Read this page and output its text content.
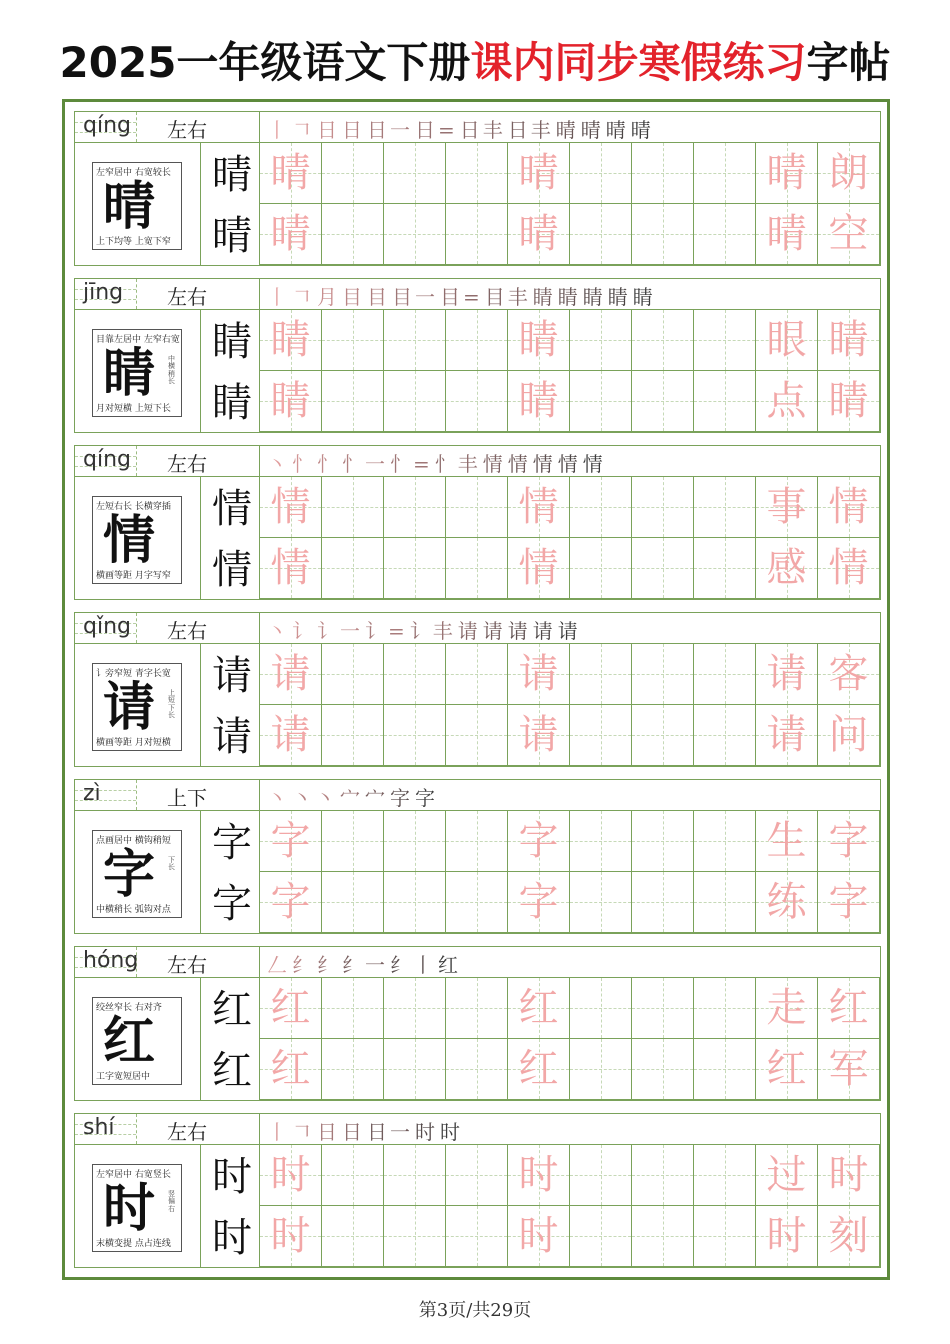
2025一年级语文下册课内同步寒假练习字帖
qíng 左右	丨 𠃍 日 日 日一 日= 日丰 日丰 晴 晴 晴 晴
左窄居中 右宽较长
晴
上下均等 上宽下窄
晴
晴
晴	晴	晴 朗
晴	晴	晴 空
jīng 左右	丨 𠃍 月 目 目 目一 目= 目丰 睛 睛 睛 睛 睛
目靠左居中 左窄右宽
睛 中横稍长
月对短横 上短下长
睛
睛
睛	睛	眼 睛
睛	睛	点 睛
qíng 左右	丶 忄 忄 忄一 忄= 忄丰 情 情 情 情 情
左短右长 长横穿插
情
横画等距 月字写窄
情
情
情	情	事 情
情	情	感 情
qǐng 左右	丶 讠 讠一 讠= 讠丰 请 请 请 请 请
讠旁窄短 青字长宽
请 上短下长
横画等距 月对短横
请
请
请	请	请 客
请	请	请 问
zì	上下	丶 丶丶 宀 宀 字 字
点画居中 横钩稍短
字 下长
中横稍长 弧钩对点
字
字
字	字	生 字
字	字	练 字
hóng 左右	𠃋 纟 纟 纟一 纟丨 红
绞丝窄长 右对齐
红
工字宽短居中
红
红
红	红	走 红
红	红	红 军
shí	左右	丨 𠃍 日 日 日一 时 时
左窄居中 右宽竖长
时 竖偏右
末横变提 点占连线
时
时
时	时	过 时
时	时	时 刻
第3页/共29页
